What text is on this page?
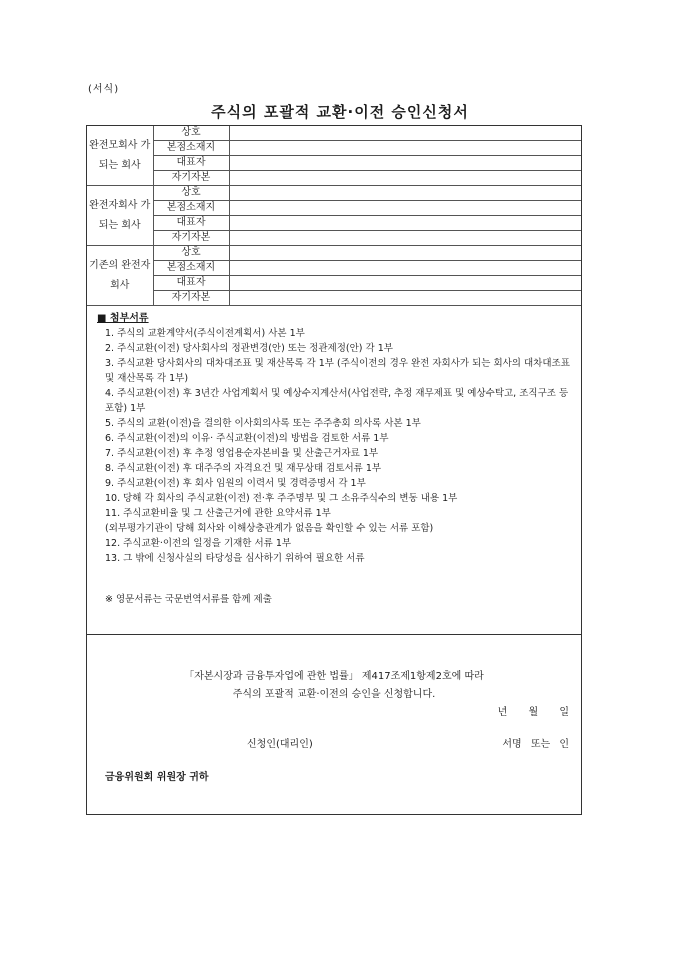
(서식)
주식의 포괄적 교환·이전 승인신청서
완전모회사 가 되는 회사	상호	
	본점소재지	
	대표자	
	자기자본	
완전자회사 가 되는 회사	상호	
	본점소재지	
	대표자	
	자기자본	
기존의 완전자회사	상호	
	본점소재지	
	대표자	
	자기자본	
■ 첨부서류
1. 주식의 교환계약서(주식이전계획서) 사본 1부
2. 주식교환(이전) 당사회사의 정관변경(안) 또는 정관제정(안) 각 1부
3. 주식교환 당사회사의 대차대조표 및 재산목록 각 1부 (주식이전의 경우 완전 자회사가 되는 회사의 대차대조표 및 재산목록 각 1부)
4. 주식교환(이전) 후 3년간 사업계획서 및 예상수지계산서(사업전략, 추정 재무제표 및 예상수탁고, 조직구조 등 포함) 1부
5. 주식의 교환(이전)을 결의한 이사회의사록 또는 주주총회 의사록 사본 1부
6. 주식교환(이전)의 이유· 주식교환(이전)의 방법을 검토한 서류 1부
7. 주식교환(이전) 후 추정 영업용순자본비율 및 산출근거자료 1부
8. 주식교환(이전) 후 대주주의 자격요건 및 재무상태 검토서류 1부
9. 주식교환(이전) 후 회사 임원의 이력서 및 경력증명서 각 1부
10. 당해 각 회사의 주식교환(이전) 전·후 주주명부 및 그 소유주식수의 변동 내용 1부
11. 주식교환비율 및 그 산출근거에 관한 요약서류 1부
(외부평가기관이 당해 회사와 이해상충관계가 없음을 확인할 수 있는 서류 포함)
12. 주식교환·이전의 일정을 기재한 서류 1부
13. 그 밖에 신청사실의 타당성을 심사하기 위하여 필요한 서류
※ 영문서류는 국문번역서류를 함께 제출
「자본시장과 금융투자업에 관한 법률」 제417조제1항제2호에 따라
주식의 포괄적 교환·이전의 승인을 신청합니다.
년 월 일
신청인(대리인)	서명 또는 인
금융위원회 위원장 귀하
